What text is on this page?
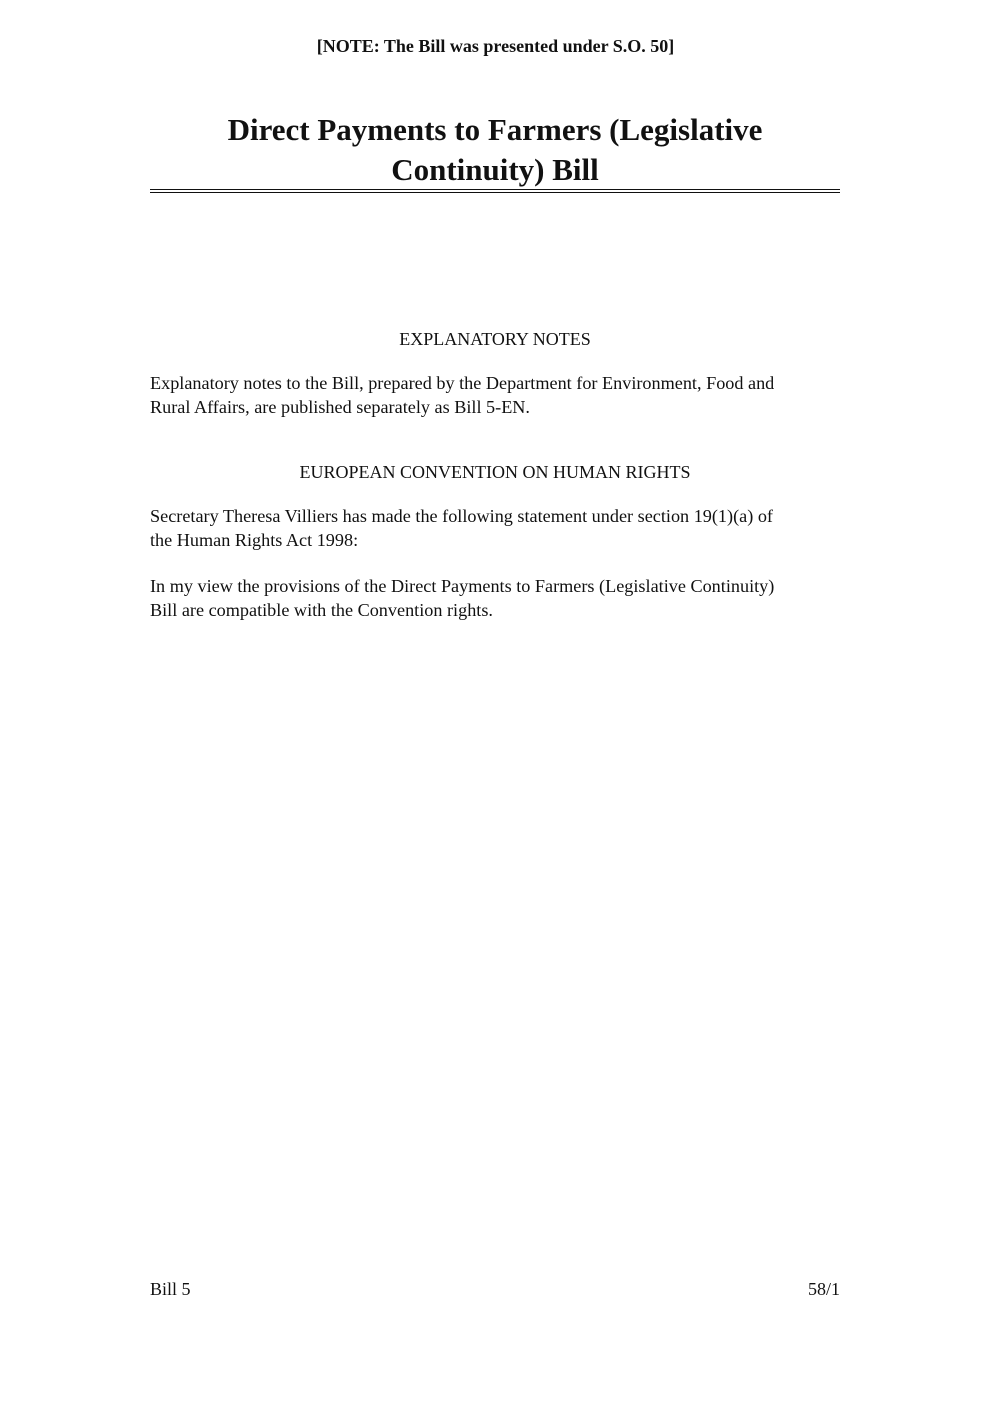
[NOTE: The Bill was presented under S.O. 50]
Direct Payments to Farmers (Legislative
Continuity) Bill
EXPLANATORY NOTES
Explanatory notes to the Bill, prepared by the Department for Environment, Food and
Rural Affairs, are published separately as Bill 5-EN.
EUROPEAN CONVENTION ON HUMAN RIGHTS
Secretary Theresa Villiers has made the following statement under section 19(1)(a) of
the Human Rights Act 1998:
In my view the provisions of the Direct Payments to Farmers (Legislative Continuity)
Bill are compatible with the Convention rights.
Bill 5	58/1
